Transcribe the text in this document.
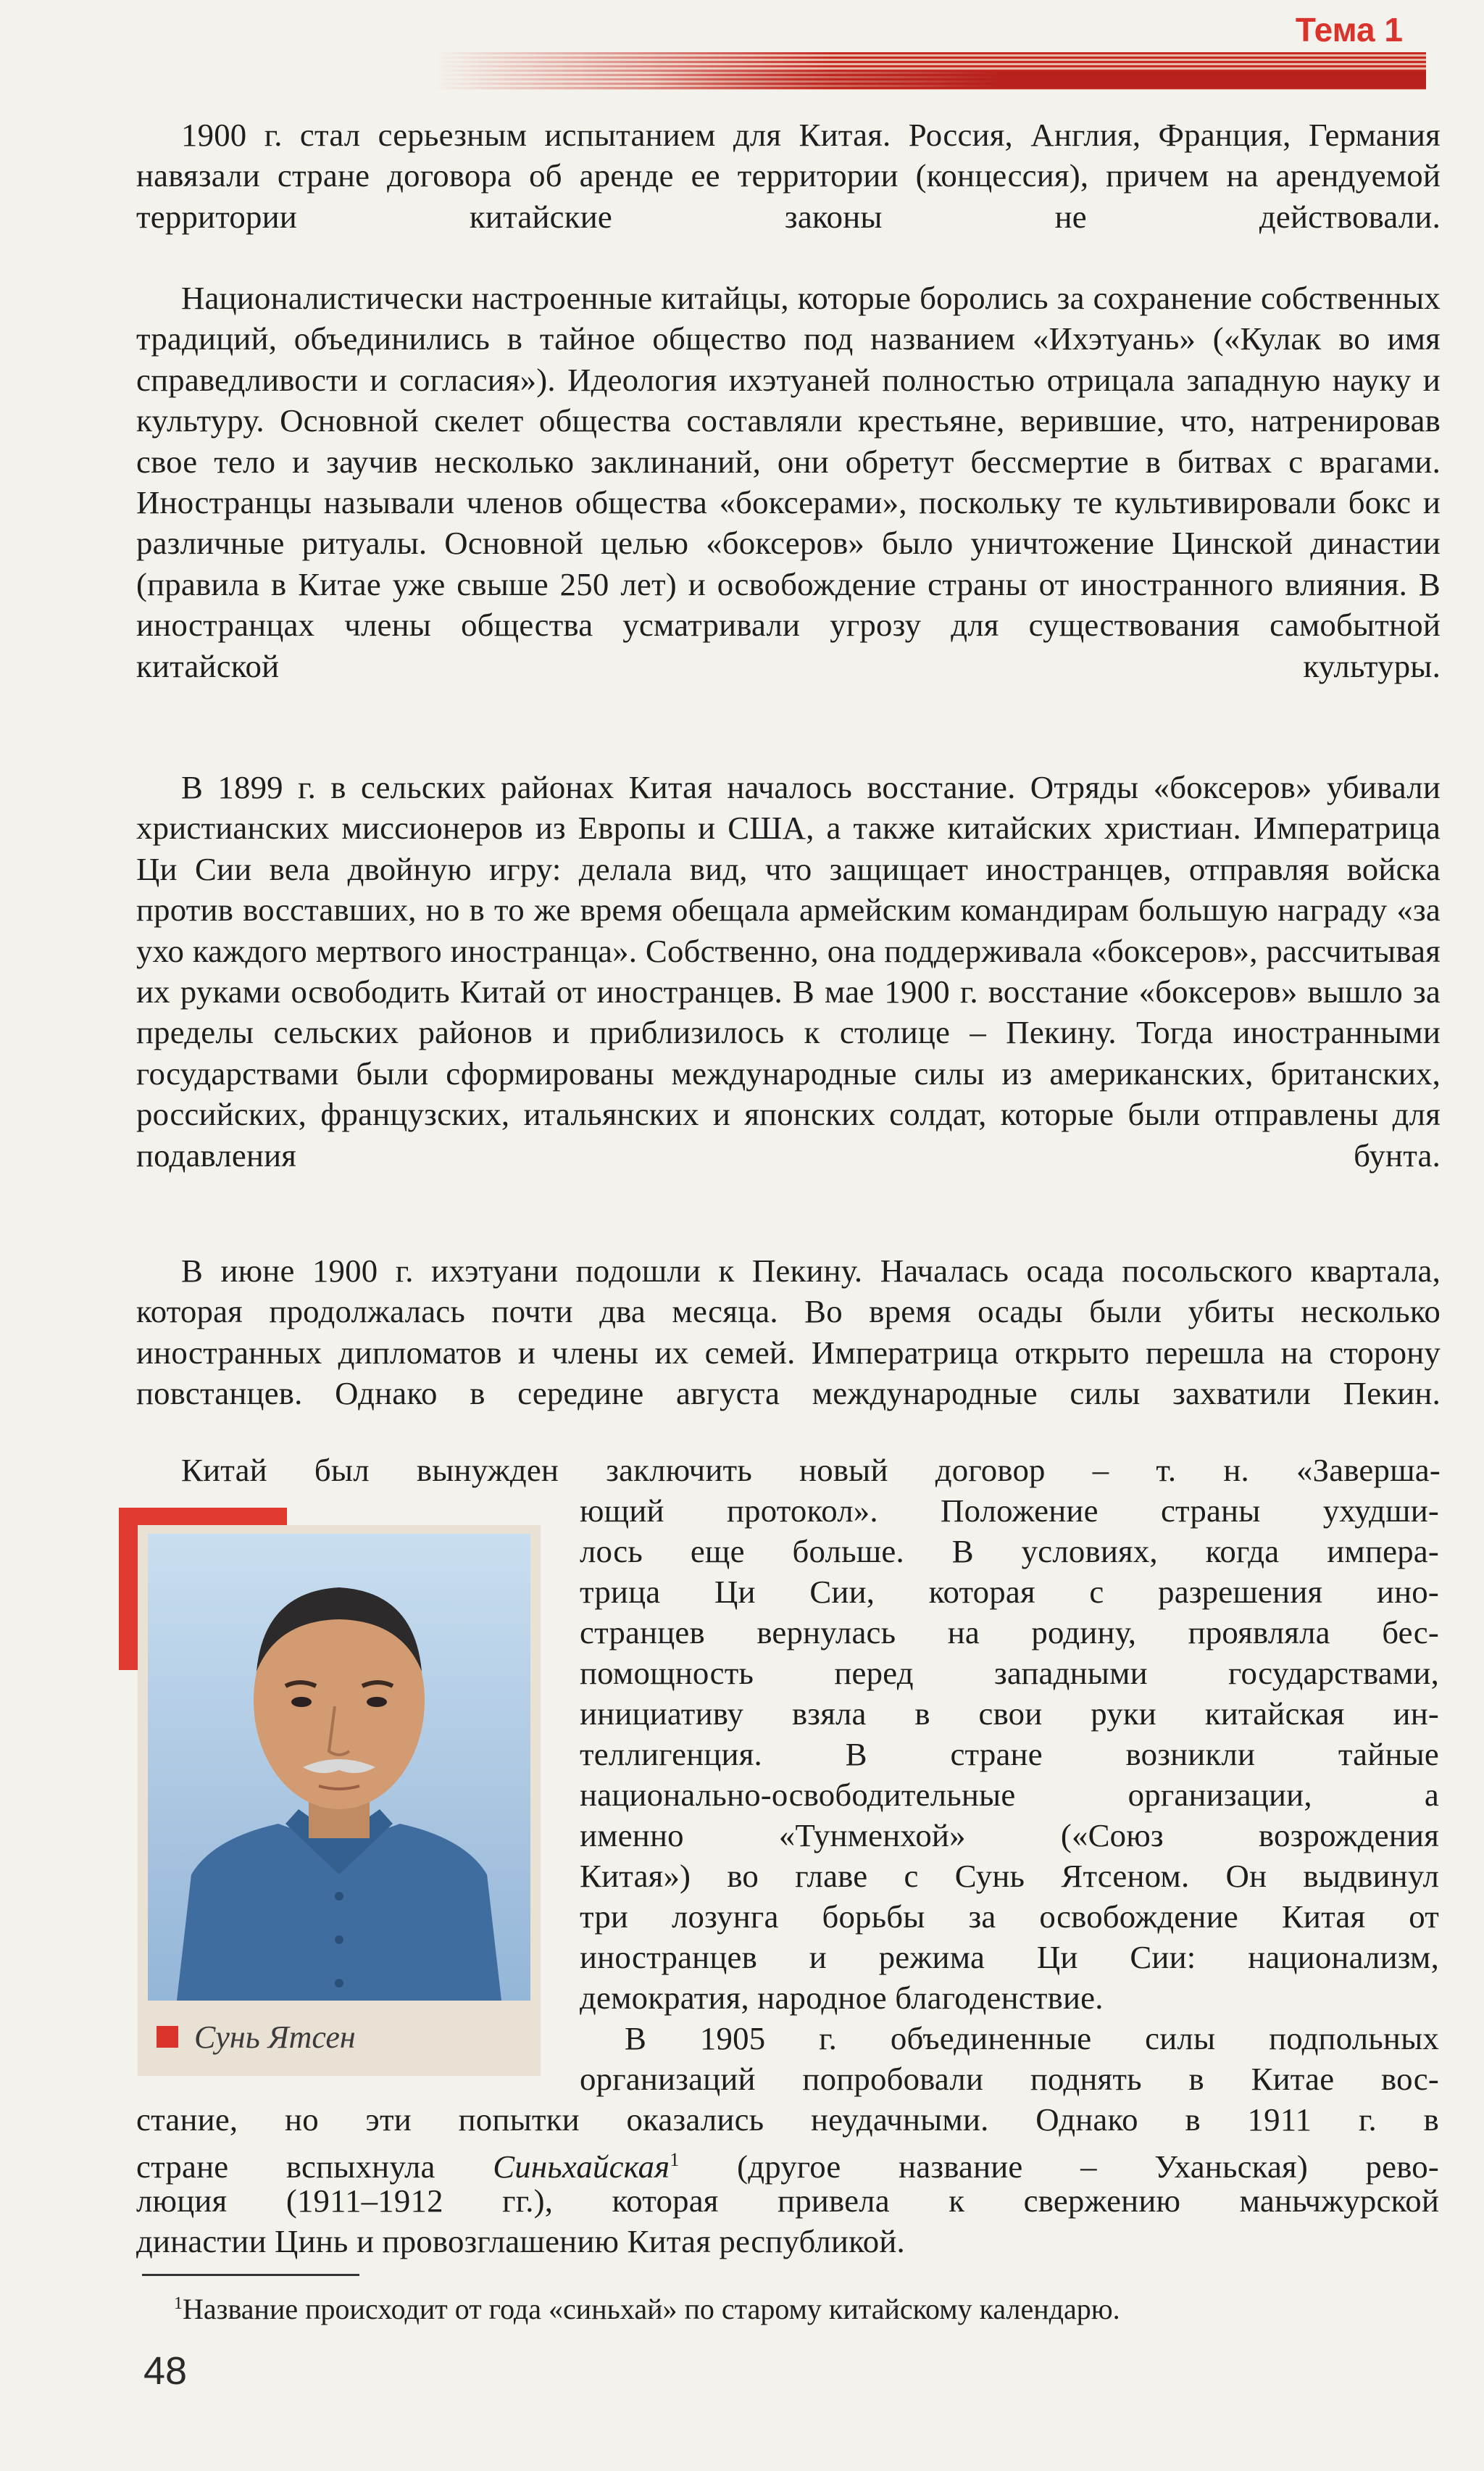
Тема 1
1900 г. стал серьезным испытанием для Китая. Россия, Англия, Франция, Германия навязали стране договора об аренде ее территории (концессия), причем на арендуемой территории китайские законы не действовали.
Националистически настроенные китайцы, которые боролись за сохранение собственных традиций, объединились в тайное общество под названием «Ихэтуань» («Кулак во имя справедливости и согласия»). Идеология ихэтуаней полностью отрицала западную науку и культуру. Основной скелет общества составляли крестьяне, верившие, что, натренировав свое тело и заучив несколько заклинаний, они обретут бессмертие в битвах с врагами. Иностранцы называли членов общества «боксерами», поскольку те культивировали бокс и различные ритуалы. Основной целью «боксеров» было уничтожение Цинской династии (правила в Китае уже свыше 250 лет) и освобождение страны от иностранного влияния. В иностранцах члены общества усматривали угрозу для существования самобытной китайской культуры.
В 1899 г. в сельских районах Китая началось восстание. Отряды «боксеров» убивали христианских миссионеров из Европы и США, а также китайских христиан. Императрица Ци Сии вела двойную игру: делала вид, что защищает иностранцев, отправляя войска против восставших, но в то же время обещала армейским командирам большую награду «за ухо каждого мертвого иностранца». Собственно, она поддерживала «боксеров», рассчитывая их руками освободить Китай от иностранцев. В мае 1900 г. восстание «боксеров» вышло за пределы сельских районов и приблизилось к столице – Пекину. Тогда иностранными государствами были сформированы международные силы из американских, британских, российских, французских, итальянских и японских солдат, которые были отправлены для подавления бунта.
В июне 1900 г. ихэтуани подошли к Пекину. Началась осада посольского квартала, которая продолжалась почти два месяца. Во время осады были убиты несколько иностранных дипломатов и члены их семей. Императрица открыто перешла на сторону повстанцев. Однако в середине августа международные силы захватили Пекин.
Китай был вынужден заключить новый договор – т. н. «Заверша-
Сунь Ятсен
ющий протокол». Положение страны ухудши-
лось еще больше. В условиях, когда импера-
трица Ци Сии, которая с разрешения ино-
странцев вернулась на родину, проявляла бес-
помощность перед западными государствами,
инициативу взяла в свои руки китайская ин-
теллигенция. В стране возникли тайные
национально-освободительные организации, а
именно «Тунменхой» («Союз возрождения
Китая») во главе с Сунь Ятсеном. Он выдвинул
три лозунга борьбы за освобождение Китая от
иностранцев и режима Ци Сии: национализм,
демократия, народное благоденствие.
В 1905 г. объединенные силы подпольных
организаций попробовали поднять в Китае вос-
стание, но эти попытки оказались неудачными. Однако в 1911 г. в
стране вспыхнула Синьхайская$^1$ (другое название – Уханьская) рево-
люция (1911–1912 гг.), которая привела к свержению маньчжурской
династии Цинь и провозглашению Китая республикой.
$^1$Название происходит от года «синьхай» по старому китайскому календарю.
48
